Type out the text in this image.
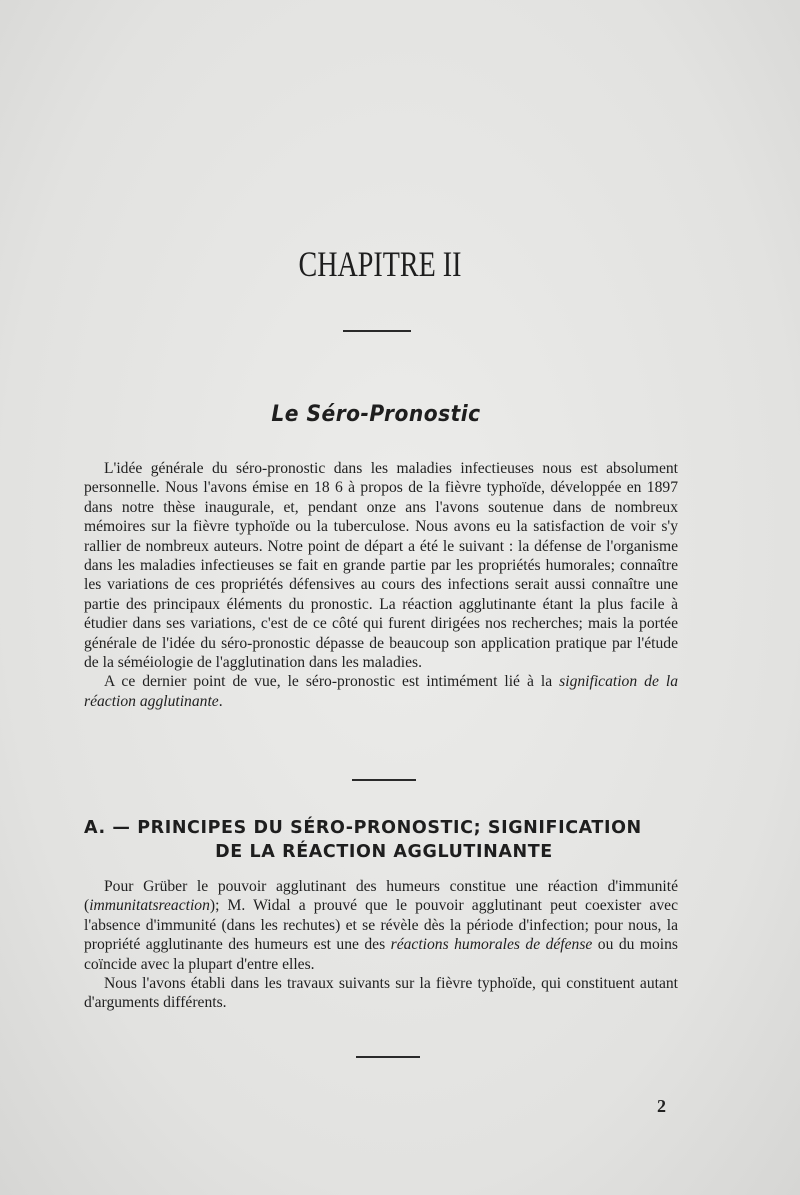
CHAPITRE II
Le Séro-Pronostic

L'idée générale du séro-pronostic dans les maladies infectieuses nous est absolument personnelle. Nous l'avons émise en 18 6 à propos de la fièvre typhoïde, développée en 1897 dans notre thèse inaugurale, et, pendant onze ans l'avons soutenue dans de nombreux mémoires sur la fièvre typhoïde ou la tuberculose. Nous avons eu la satisfaction de voir s'y rallier de nombreux auteurs. Notre point de départ a été le suivant : la défense de l'organisme dans les maladies infectieuses se fait en grande partie par les propriétés humorales; connaître les variations de ces propriétés défensives au cours des infections serait aussi connaître une partie des principaux éléments du pronostic. La réaction agglutinante étant la plus facile à étudier dans ses variations, c'est de ce côté qui furent dirigées nos recherches; mais la portée générale de l'idée du séro-pronostic dépasse de beaucoup son application pratique par l'étude de la séméiologie de l'agglutination dans les maladies.

A ce dernier point de vue, le séro-pronostic est intimément lié à la signification de la réaction agglutinante.

A. — PRINCIPES DU SÉRO-PRONOSTIC; SIGNIFICATION
DE LA RÉACTION AGGLUTINANTE

Pour Grüber le pouvoir agglutinant des humeurs constitue une réaction d'immunité (immunitatsreaction); M. Widal a prouvé que le pouvoir agglutinant peut coexister avec l'absence d'immunité (dans les rechutes) et se révèle dès la période d'infection; pour nous, la propriété agglutinante des humeurs est une des réactions humorales de défense ou du moins coïncide avec la plupart d'entre elles.

Nous l'avons établi dans les travaux suivants sur la fièvre typhoïde, qui constituent autant d'arguments différents.

2
